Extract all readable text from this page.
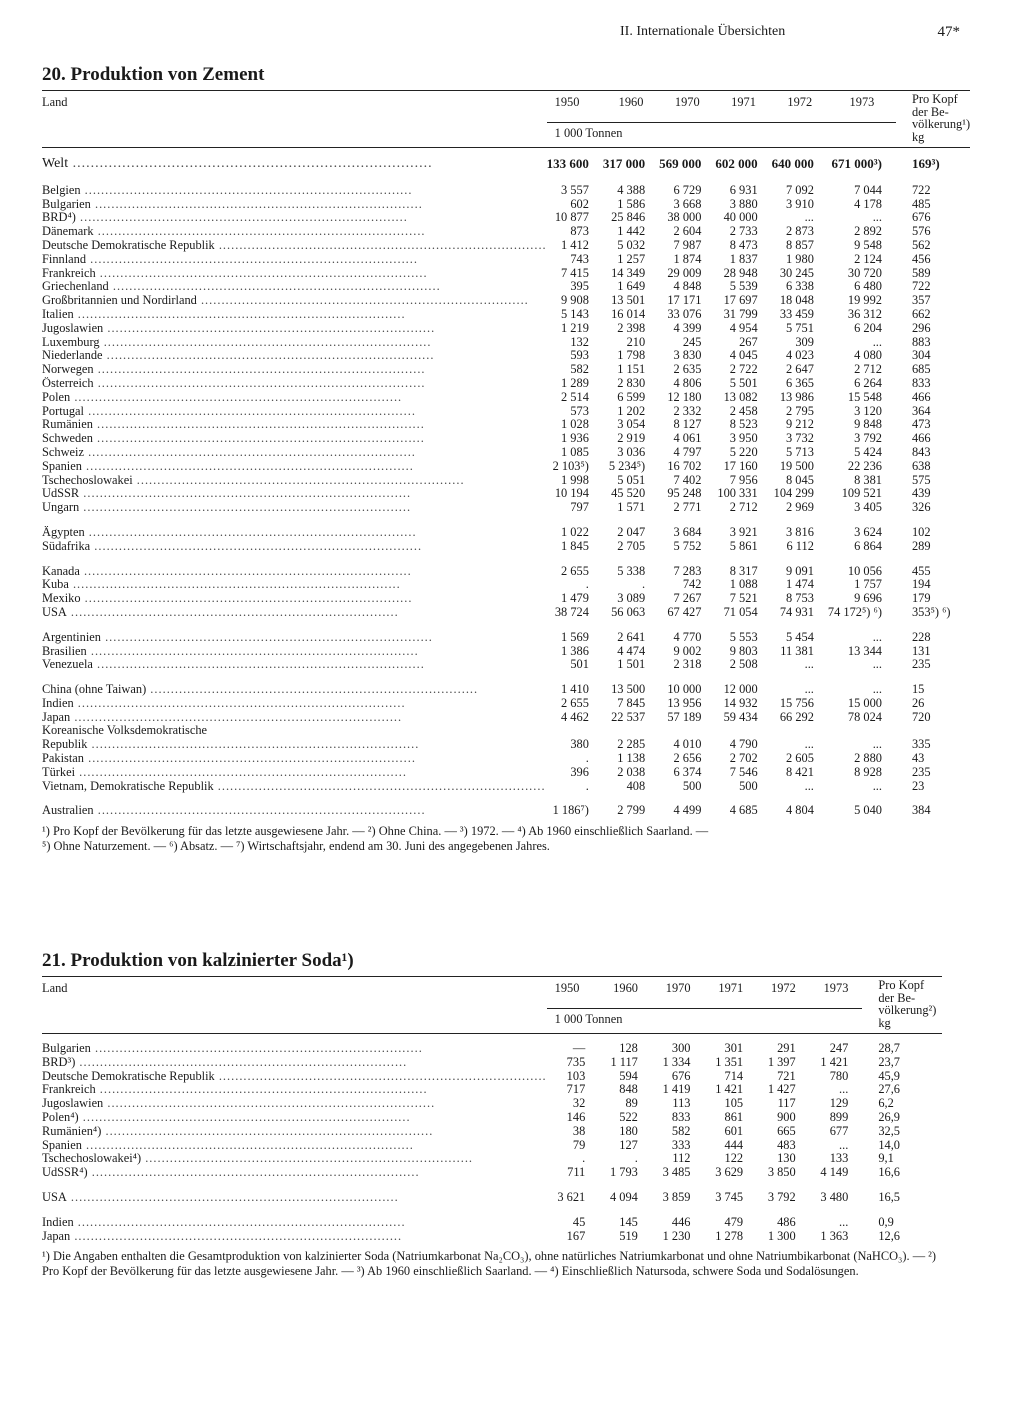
II. Internationale Übersichten	47*
20. Produktion von Zement

Land	1950	1960	1970	1971	1972	1973	Pro Kopf
der Be-
völkerung¹)
kg
	1 000 Tonnen						

Welt ................................................................................	133 600	317 000	569 000	602 000	640 000	671 000³)	169³)

Belgien ................................................................................	3 557	4 388	6 729	6 931	7 092	7 044	722
Bulgarien ................................................................................	602	1 586	3 668	3 880	3 910	4 178	485
BRD⁴) ................................................................................	10 877	25 846	38 000	40 000	...	...	676
Dänemark ................................................................................	873	1 442	2 604	2 733	2 873	2 892	576
Deutsche Demokratische Republik ................................................................................	1 412	5 032	7 987	8 473	8 857	9 548	562
Finnland ................................................................................	743	1 257	1 874	1 837	1 980	2 124	456
Frankreich ................................................................................	7 415	14 349	29 009	28 948	30 245	30 720	589
Griechenland ................................................................................	395	1 649	4 848	5 539	6 338	6 480	722
Großbritannien und Nordirland ................................................................................	9 908	13 501	17 171	17 697	18 048	19 992	357
Italien ................................................................................	5 143	16 014	33 076	31 799	33 459	36 312	662
Jugoslawien ................................................................................	1 219	2 398	4 399	4 954	5 751	6 204	296
Luxemburg ................................................................................	132	210	245	267	309	...	883
Niederlande ................................................................................	593	1 798	3 830	4 045	4 023	4 080	304
Norwegen ................................................................................	582	1 151	2 635	2 722	2 647	2 712	685
Österreich ................................................................................	1 289	2 830	4 806	5 501	6 365	6 264	833
Polen ................................................................................	2 514	6 599	12 180	13 082	13 986	15 548	466
Portugal ................................................................................	573	1 202	2 332	2 458	2 795	3 120	364
Rumänien ................................................................................	1 028	3 054	8 127	8 523	9 212	9 848	473
Schweden ................................................................................	1 936	2 919	4 061	3 950	3 732	3 792	466
Schweiz ................................................................................	1 085	3 036	4 797	5 220	5 713	5 424	843
Spanien ................................................................................	2 103⁵)	5 234⁵)	16 702	17 160	19 500	22 236	638
Tschechoslowakei ................................................................................	1 998	5 051	7 402	7 956	8 045	8 381	575
UdSSR ................................................................................	10 194	45 520	95 248	100 331	104 299	109 521	439
Ungarn ................................................................................	797	1 571	2 771	2 712	2 969	3 405	326

Ägypten ................................................................................	1 022	2 047	3 684	3 921	3 816	3 624	102
Südafrika ................................................................................	1 845	2 705	5 752	5 861	6 112	6 864	289

Kanada ................................................................................	2 655	5 338	7 283	8 317	9 091	10 056	455
Kuba ................................................................................	.	.	742	1 088	1 474	1 757	194
Mexiko ................................................................................	1 479	3 089	7 267	7 521	8 753	9 696	179
USA ................................................................................	38 724	56 063	67 427	71 054	74 931	74 172⁵) ⁶)	353⁵) ⁶)

Argentinien ................................................................................	1 569	2 641	4 770	5 553	5 454	...	228
Brasilien ................................................................................	1 386	4 474	9 002	9 803	11 381	13 344	131
Venezuela ................................................................................	501	1 501	2 318	2 508	...	...	235

China (ohne Taiwan) ................................................................................	1 410	13 500	10 000	12 000	...	...	15
Indien ................................................................................	2 655	7 845	13 956	14 932	15 756	15 000	26
Japan ................................................................................	4 462	22 537	57 189	59 434	66 292	78 024	720
Koreanische Volksdemokratische							
Republik ................................................................................	380	2 285	4 010	4 790	...	...	335
Pakistan ................................................................................	.	1 138	2 656	2 702	2 605	2 880	43
Türkei ................................................................................	396	2 038	6 374	7 546	8 421	8 928	235
Vietnam, Demokratische Republik ................................................................................	.	408	500	500	...	...	23

Australien ................................................................................	1 186⁷)	2 799	4 499	4 685	4 804	5 040	384

¹) Pro Kopf der Bevölkerung für das letzte ausgewiesene Jahr. — ²) Ohne China. — ³) 1972. — ⁴) Ab 1960 einschließlich Saarland. —

⁵) Ohne Naturzement. — ⁶) Absatz. — ⁷) Wirtschaftsjahr, endend am 30. Juni des angegebenen Jahres.

21. Produktion von kalzinierter Soda¹)

Land	1950	1960	1970	1971	1972	1973	Pro Kopf
der Be-
völkerung²)
kg
	1 000 Tonnen						

Bulgarien ................................................................................	—	128	300	301	291	247	28,7
BRD³) ................................................................................	735	1 117	1 334	1 351	1 397	1 421	23,7
Deutsche Demokratische Republik ................................................................................	103	594	676	714	721	780	45,9
Frankreich ................................................................................	717	848	1 419	1 421	1 427	...	27,6
Jugoslawien ................................................................................	32	89	113	105	117	129	6,2
Polen⁴) ................................................................................	146	522	833	861	900	899	26,9
Rumänien⁴) ................................................................................	38	180	582	601	665	677	32,5
Spanien ................................................................................	79	127	333	444	483	...	14,0
Tschechoslowakei⁴) ................................................................................	.	.	112	122	130	133	9,1
UdSSR⁴) ................................................................................	711	1 793	3 485	3 629	3 850	4 149	16,6

USA ................................................................................	3 621	4 094	3 859	3 745	3 792	3 480	16,5

Indien ................................................................................	45	145	446	479	486	...	0,9
Japan ................................................................................	167	519	1 230	1 278	1 300	1 363	12,6

¹) Die Angaben enthalten die Gesamtproduktion von kalzinierter Soda (Natriumkarbonat Na₂CO₃), ohne natürliches Natriumkarbonat und ohne Natriumbikarbonat (NaHCO₃). — ²) Pro Kopf der Bevölkerung für das letzte ausgewiesene Jahr. — ³) Ab 1960 einschließlich Saarland. — ⁴) Einschließlich Natursoda, schwere Soda und Sodalösungen.
